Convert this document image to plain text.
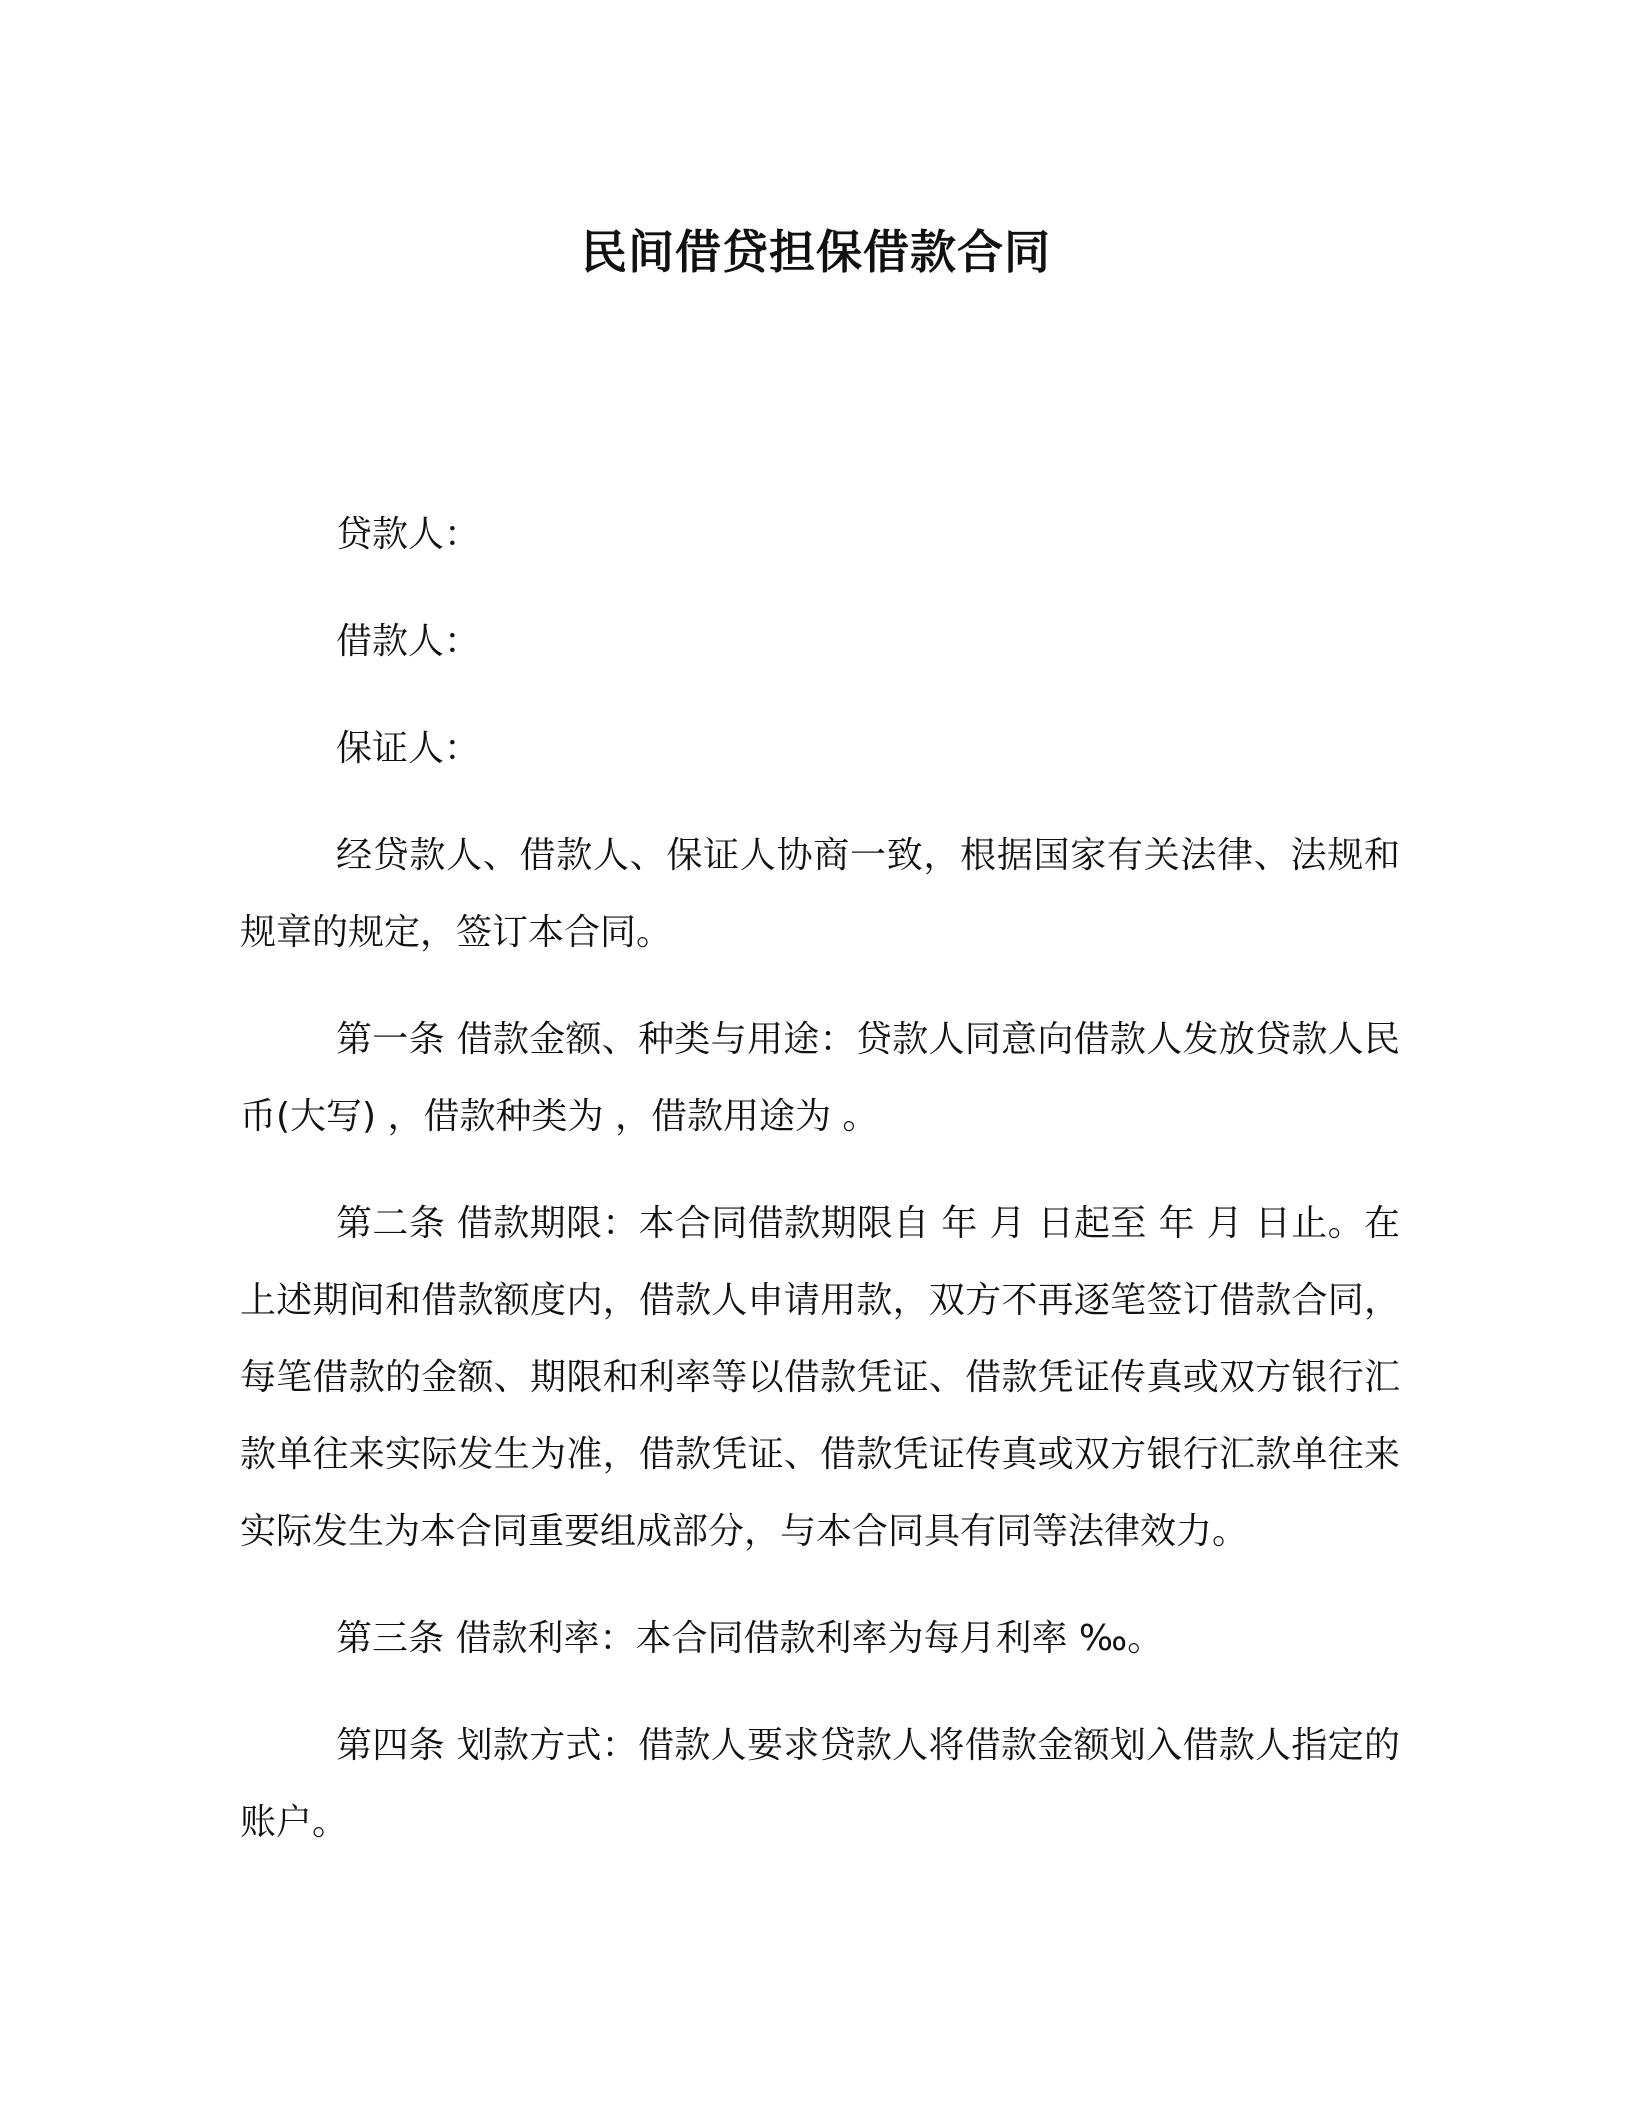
民间借贷担保借款合同

贷款人：

借款人：

保证人：

经贷款人、借款人、保证人协商一致，根据国家有关法律、法规和规章的规定，签订本合同。

第一条 借款金额、种类与用途：贷款人同意向借款人发放贷款人民币(大写) ，借款种类为 ，借款用途为 。

第二条 借款期限：本合同借款期限自 年 月 日起至 年 月 日止。在上述期间和借款额度内，借款人申请用款，双方不再逐笔签订借款合同，每笔借款的金额、期限和利率等以借款凭证、借款凭证传真或双方银行汇款单往来实际发生为准，借款凭证、借款凭证传真或双方银行汇款单往来实际发生为本合同重要组成部分，与本合同具有同等法律效力。

第三条 借款利率：本合同借款利率为每月利率 ‰。

第四条 划款方式：借款人要求贷款人将借款金额划入借款人指定的账户。
